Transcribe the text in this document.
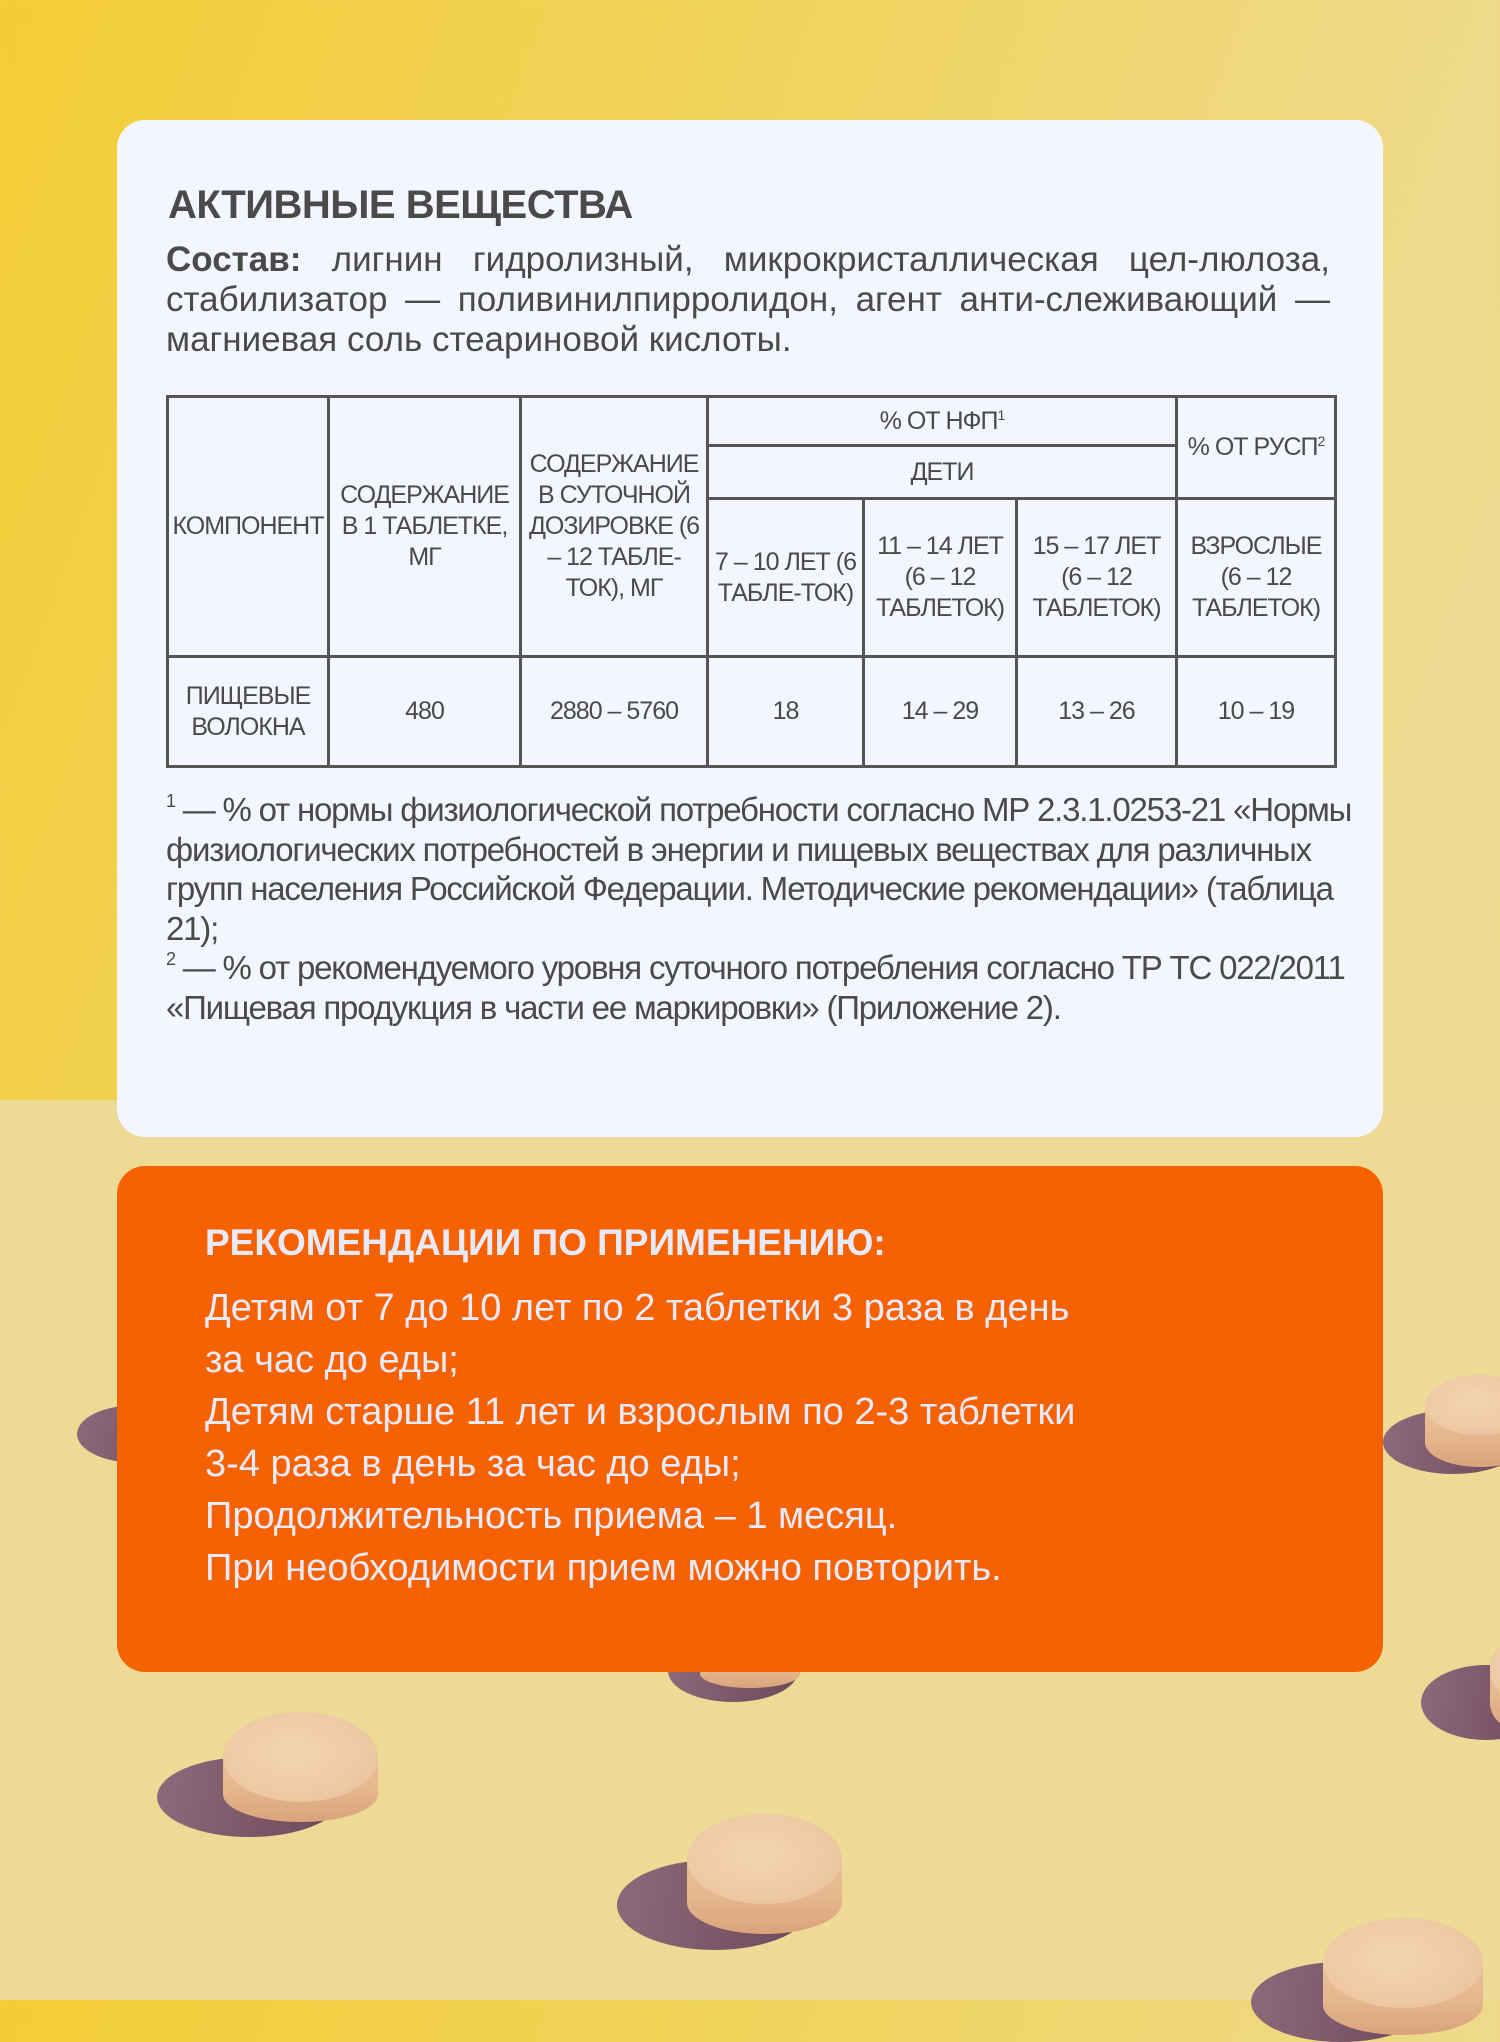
АКТИВНЫЕ ВЕЩЕСТВА
Состав: лигнин гидролизный, микрокристаллическая цел-люлоза, стабилизатор — поливинилпирролидон, агент анти-слеживающий — магниевая соль стеариновой кислоты.
КОМПОНЕНТ	СОДЕРЖАНИЕ В 1 ТАБЛЕТКЕ, МГ	СОДЕРЖАНИЕ В СУТОЧНОЙ ДОЗИРОВКЕ (6 – 12 ТАБЛЕ-ТОК), МГ	% ОТ НФП$^1$			% ОТ РУСП$^2$
			ДЕТИ			
			7 – 10 ЛЕТ (6 ТАБЛЕ-ТОК)	11 – 14 ЛЕТ (6 – 12 ТАБЛЕТОК)	15 – 17 ЛЕТ (6 – 12 ТАБЛЕТОК)	ВЗРОСЛЫЕ (6 – 12 ТАБЛЕТОК)
ПИЩЕВЫЕ ВОЛОКНА	480	2880 – 5760	18	14 – 29	13 – 26	10 – 19

$^1$ — % от нормы физиологической потребности согласно МР 2.3.1.0253-21 «Нормы физиологических потребностей в энергии и пищевых веществах для различных групп населения Российской Федерации. Методические рекомендации» (таблица 21);

$^2$ — % от рекомендуемого уровня суточного потребления согласно ТР ТС 022/2011 «Пищевая продукция в части ее маркировки» (Приложение 2).

РЕКОМЕНДАЦИИ ПО ПРИМЕНЕНИЮ:
Детям от 7 до 10 лет по 2 таблетки 3 раза в день
за час до еды;
Детям старше 11 лет и взрослым по 2-3 таблетки
3-4 раза в день за час до еды;
Продолжительность приема – 1 месяц.
При необходимости прием можно повторить.
